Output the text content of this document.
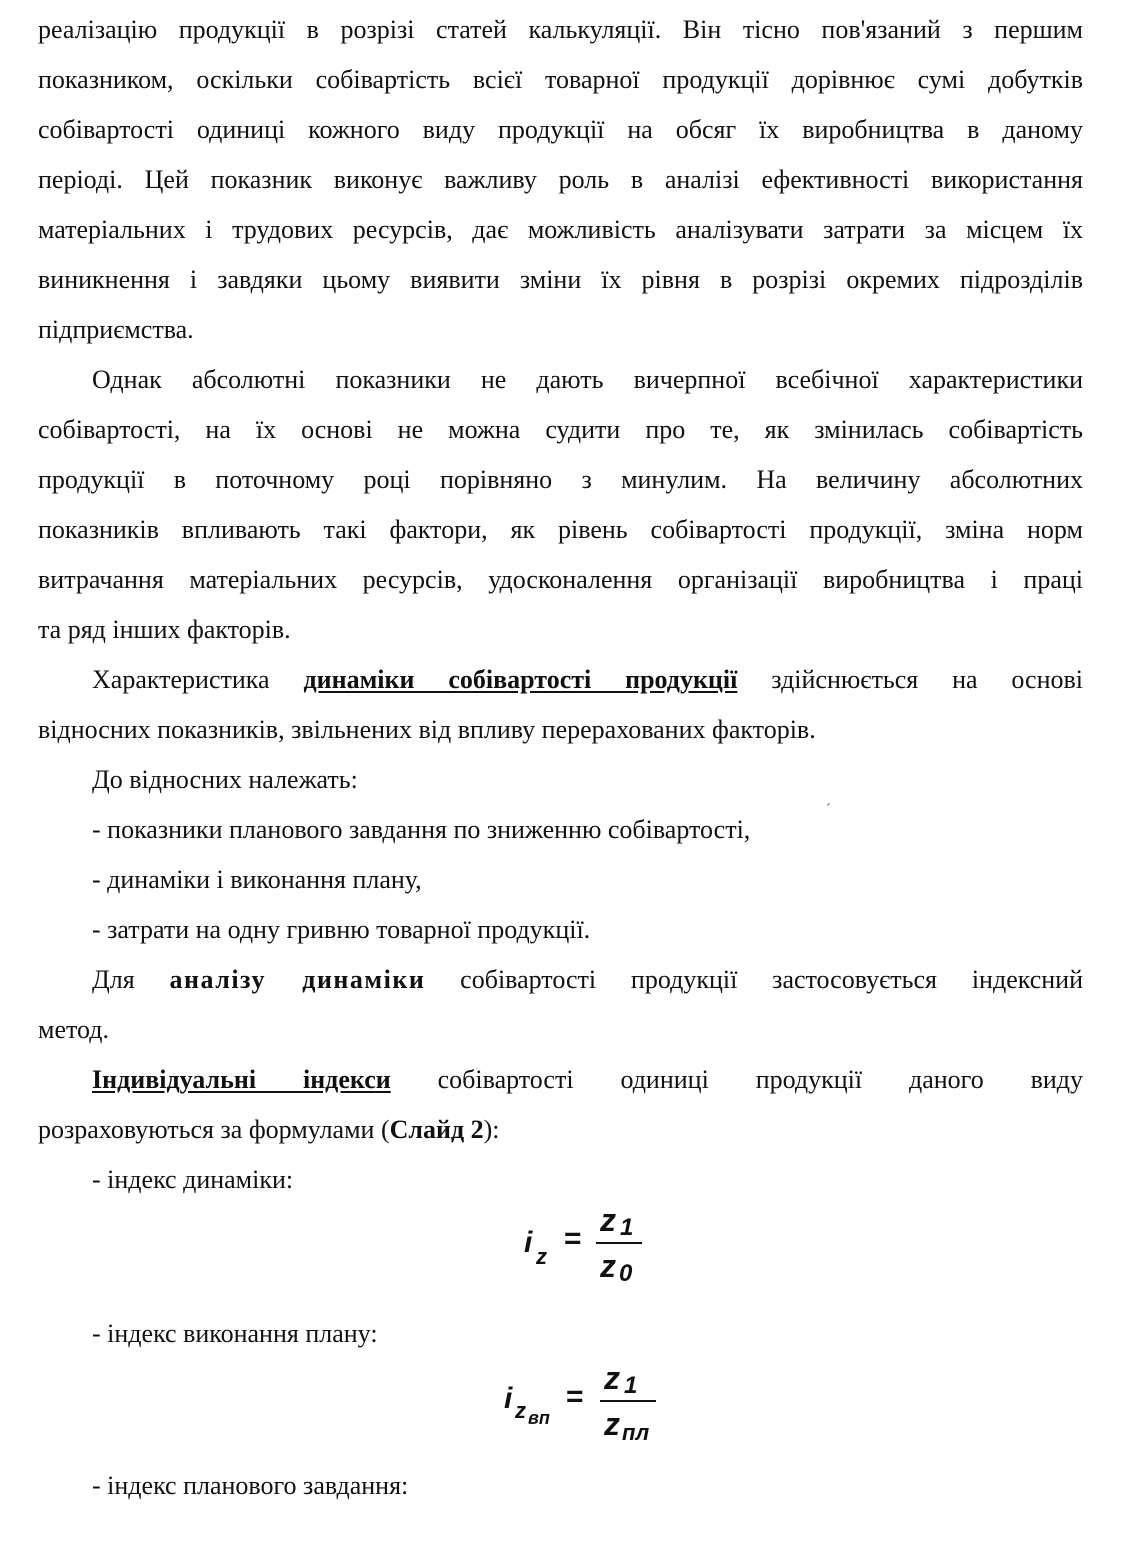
реалізацію продукції в розрізі статей калькуляції. Він тісно пов'язаний з першим
показником, оскільки собівартість всієї товарної продукції дорівнює сумі добутків
собівартості одиниці кожного виду продукції на обсяг їх виробництва в даному
періоді. Цей показник виконує важливу роль в аналізі ефективності використання
матеріальних і трудових ресурсів, дає можливість аналізувати затрати за місцем їх
виникнення і завдяки цьому виявити зміни їх рівня в розрізі окремих підрозділів
підприємства.
Однак абсолютні показники не дають вичерпної всебічної характеристики
собівартості, на їх основі не можна судити про те, як змінилась собівартість
продукції в поточному році порівняно з минулим. На величину абсолютних
показників впливають такі фактори, як рівень собівартості продукції, зміна норм
витрачання матеріальних ресурсів, удосконалення організації виробництва і праці
та ряд інших факторів.
Характеристика динаміки собівартості продукції здійснюється на основі
відносних показників, звільнених від впливу перерахованих факторів.
До відносних належать:
- показники планового завдання по зниженню собівартості,
- динаміки і виконання плану,
- затрати на одну гривню товарної продукції.
Для аналізу динаміки собівартості продукції застосовується індексний
метод.
Індивідуальні індекси собівартості одиниці продукції даного виду
розраховуються за формулами (Слайд 2):
- індекс динаміки:
i z
=
z 1
z 0
- індекс виконання плану:
i z вп
=
z 1
z пл
- індекс планового завдання:
ˊ
